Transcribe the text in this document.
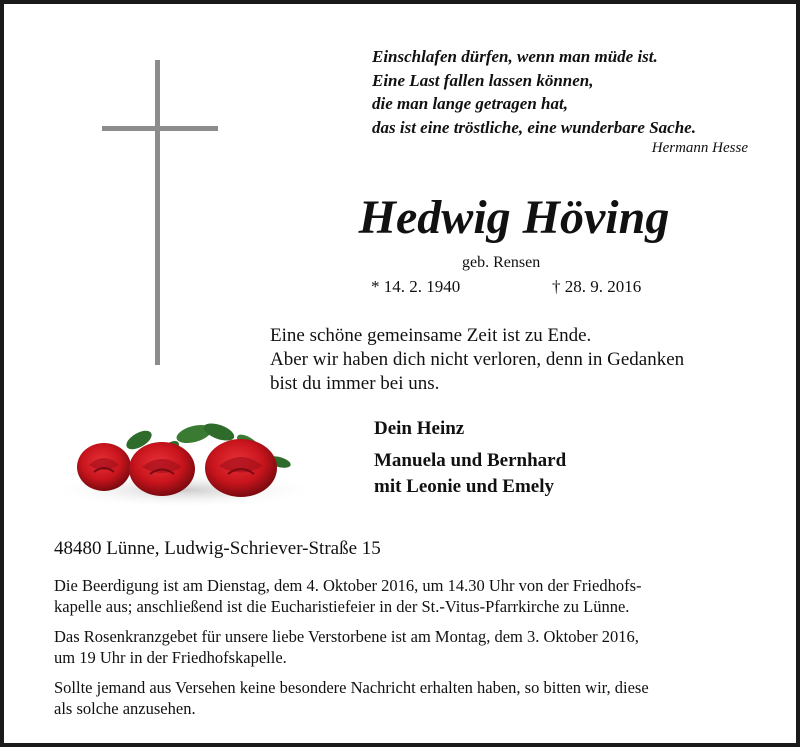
Einschlafen dürfen, wenn man müde ist.
Eine Last fallen lassen können,
die man lange getragen hat,
das ist eine tröstliche, eine wunderbare Sache.
Hermann Hesse
Hedwig Höving
geb. Rensen
* 14. 2. 1940	† 28. 9. 2016
Eine schöne gemeinsame Zeit ist zu Ende.
Aber wir haben dich nicht verloren, denn in Gedanken
bist du immer bei uns.
Dein Heinz
Manuela und Bernhard
mit Leonie und Emely
48480 Lünne, Ludwig-Schriever-Straße 15
Die Beerdigung ist am Dienstag, dem 4. Oktober 2016, um 14.30 Uhr von der Friedhofs-
kapelle aus; anschließend ist die Eucharistiefeier in der St.-Vitus-Pfarrkirche zu Lünne.
Das Rosenkranzgebet für unsere liebe Verstorbene ist am Montag, dem 3. Oktober 2016,
um 19 Uhr in der Friedhofskapelle.
Sollte jemand aus Versehen keine besondere Nachricht erhalten haben, so bitten wir, diese
als solche anzusehen.
